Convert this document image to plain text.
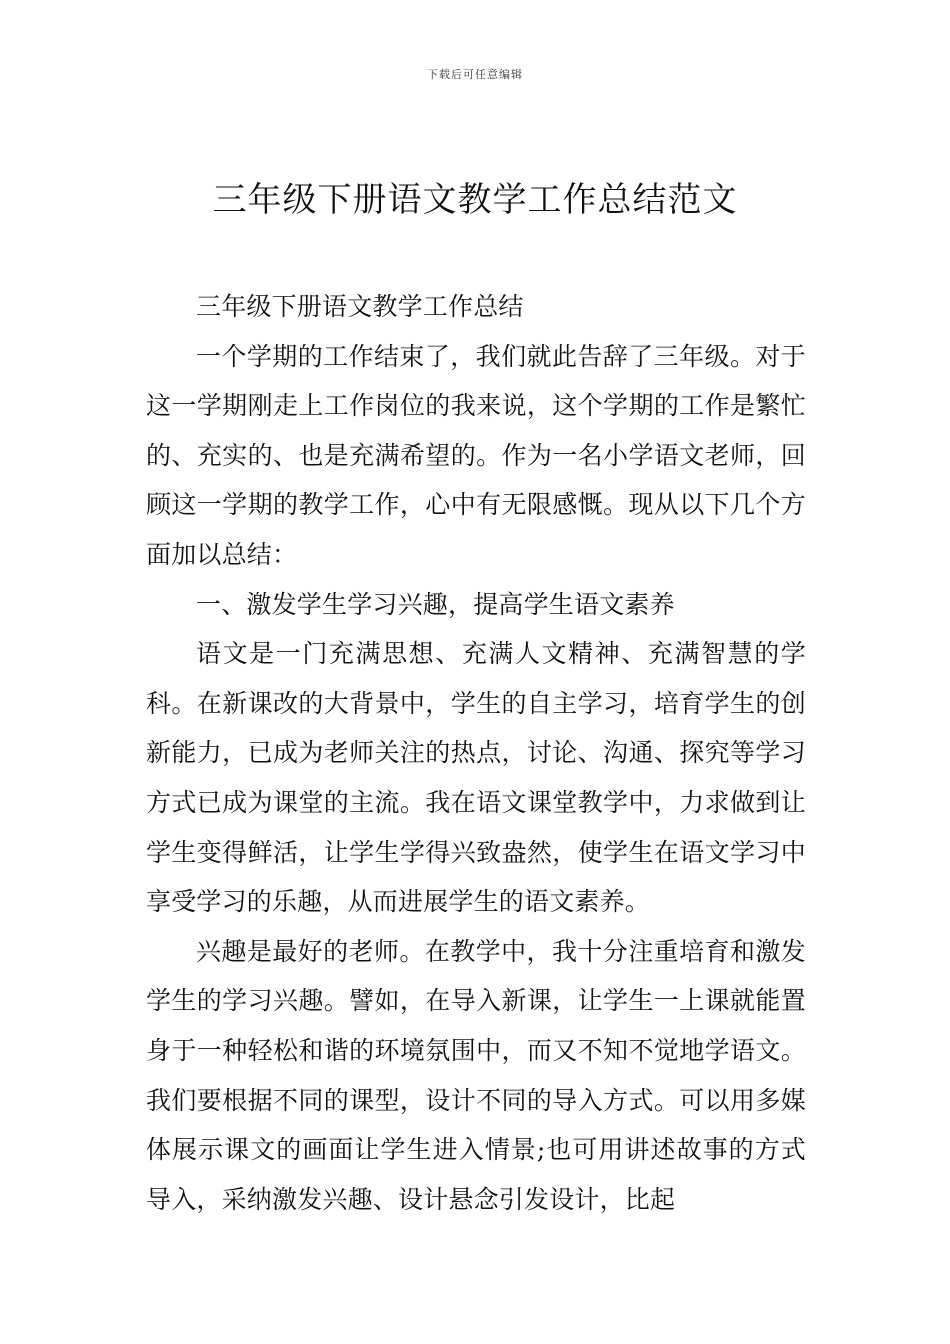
下载后可任意编辑
三年级下册语文教学工作总结范文

三年级下册语文教学工作总结

一个学期的工作结束了，我们就此告辞了三年级。对于这一学期刚走上工作岗位的我来说，这个学期的工作是繁忙的、充实的、也是充满希望的。作为一名小学语文老师，回顾这一学期的教学工作，心中有无限感慨。现从以下几个方面加以总结：

一、激发学生学习兴趣，提高学生语文素养

语文是一门充满思想、充满人文精神、充满智慧的学科。在新课改的大背景中，学生的自主学习，培育学生的创新能力，已成为老师关注的热点，讨论、沟通、探究等学习方式已成为课堂的主流。我在语文课堂教学中，力求做到让学生变得鲜活，让学生学得兴致盎然，使学生在语文学习中享受学习的乐趣，从而进展学生的语文素养。

兴趣是最好的老师。在教学中，我十分注重培育和激发学生的学习兴趣。譬如，在导入新课，让学生一上课就能置身于一种轻松和谐的环境氛围中，而又不知不觉地学语文。我们要根据不同的课型，设计不同的导入方式。可以用多媒体展示课文的画面让学生进入情景;也可用讲述故事的方式导入，采纳激发兴趣、设计悬念引发设计，比起
